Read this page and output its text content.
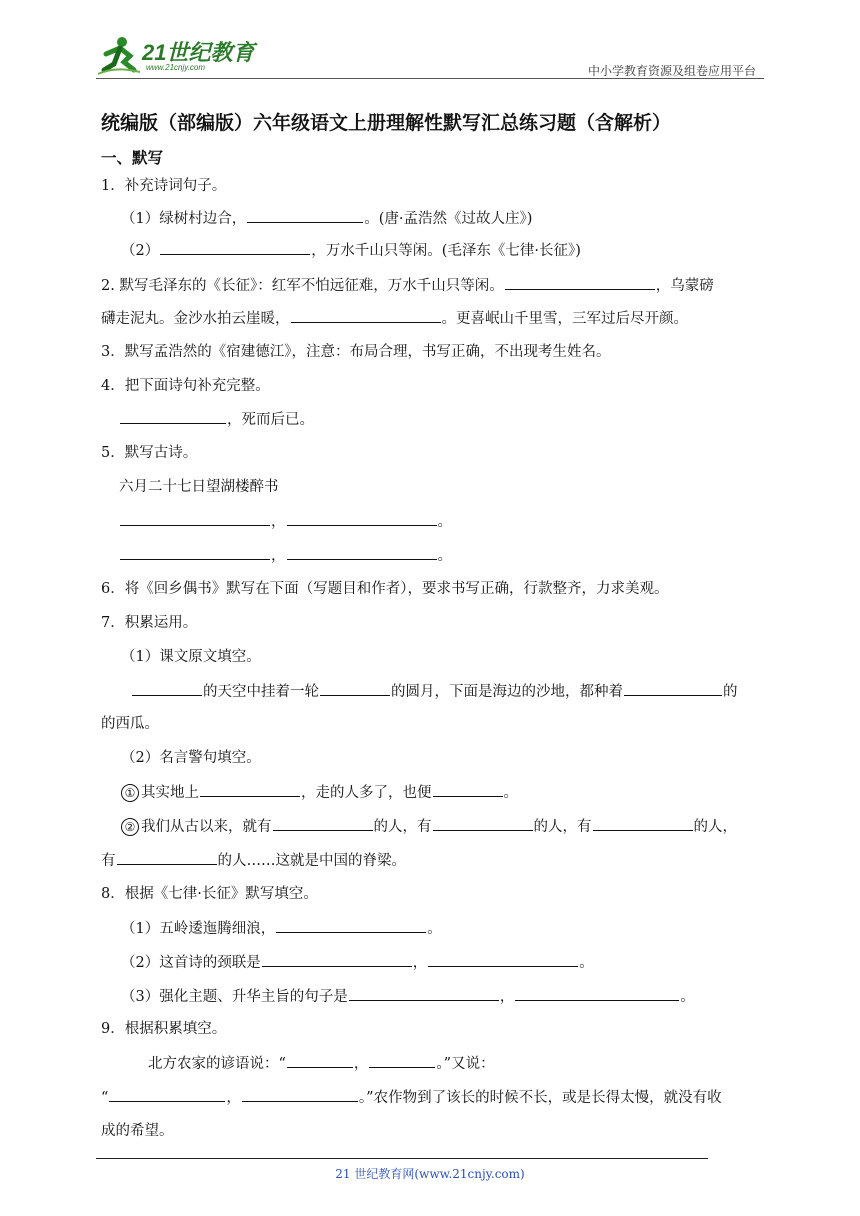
21世纪教育
www.21cnjy.com	中小学教育资源及组卷应用平台
统编版（部编版）六年级语文上册理解性默写汇总练习题（含解析）
一、默写
1．补充诗词句子。
（1）绿树村边合，	。(唐·孟浩然《过故人庄》)
（2）	，万水千山只等闲。(毛泽东《七律·长征》)
2. 默写毛泽东的《长征》：红军不怕远征难，万水千山只等闲。	，乌蒙磅
礴走泥丸。金沙水拍云崖暖，	。更喜岷山千里雪，三军过后尽开颜。
3．默写孟浩然的《宿建德江》，注意：布局合理，书写正确，不出现考生姓名。
4．把下面诗句补充完整。
，死而后已。
5．默写古诗。
六月二十七日望湖楼醉书
，	。
，	。
6．将《回乡偶书》默写在下面（写题目和作者），要求书写正确，行款整齐，力求美观。
7．积累运用。
（1）课文原文填空。
的天空中挂着一轮	的圆月，下面是海边的沙地，都种着	的
的西瓜。
（2）名言警句填空。
① 其实地上	，走的人多了，也便	。
② 我们从古以来，就有	的人，有	的人，有	的人，
有	的人……这就是中国的脊梁。
8．根据《七律·长征》默写填空。
（1）五岭逶迤腾细浪，	。
（2）这首诗的颈联是	，	。
（3）强化主题、升华主旨的句子是	，	。
9．根据积累填空。
北方农家的谚语说：“	，	。”又说：
“	，	。”农作物到了该长的时候不长，或是长得太慢，就没有收
成的希望。
21 世纪教育网(www.21cnjy.com)
